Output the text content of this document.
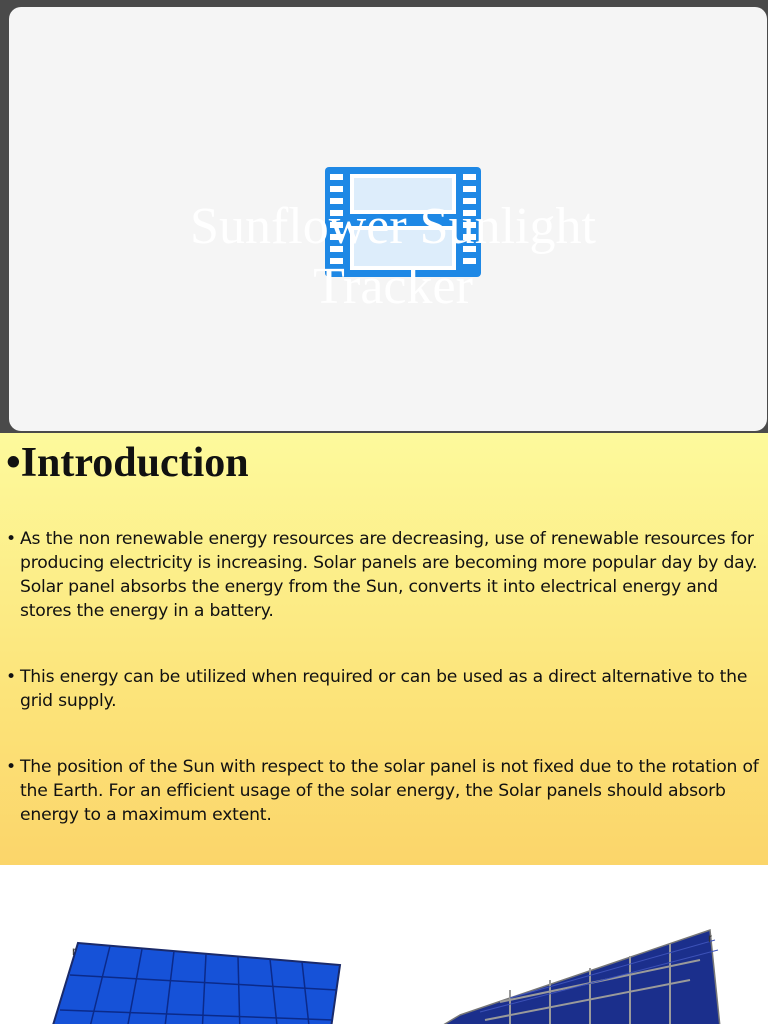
Sunflower Sunlight
Tracker
•Introduction

• As the non renewable energy resources are decreasing, use of renewable resources for producing electricity is increasing. Solar panels are becoming more popular day by day. Solar panel absorbs the energy from the Sun, converts it into electrical energy and stores the energy in a battery.

• This energy can be utilized when required or can be used as a direct alternative to the grid supply.

• The position of the Sun with respect to the solar panel is not fixed due to the rotation of the Earth. For an efficient usage of the solar energy, the Solar panels should absorb energy to a maximum extent.

r
r
